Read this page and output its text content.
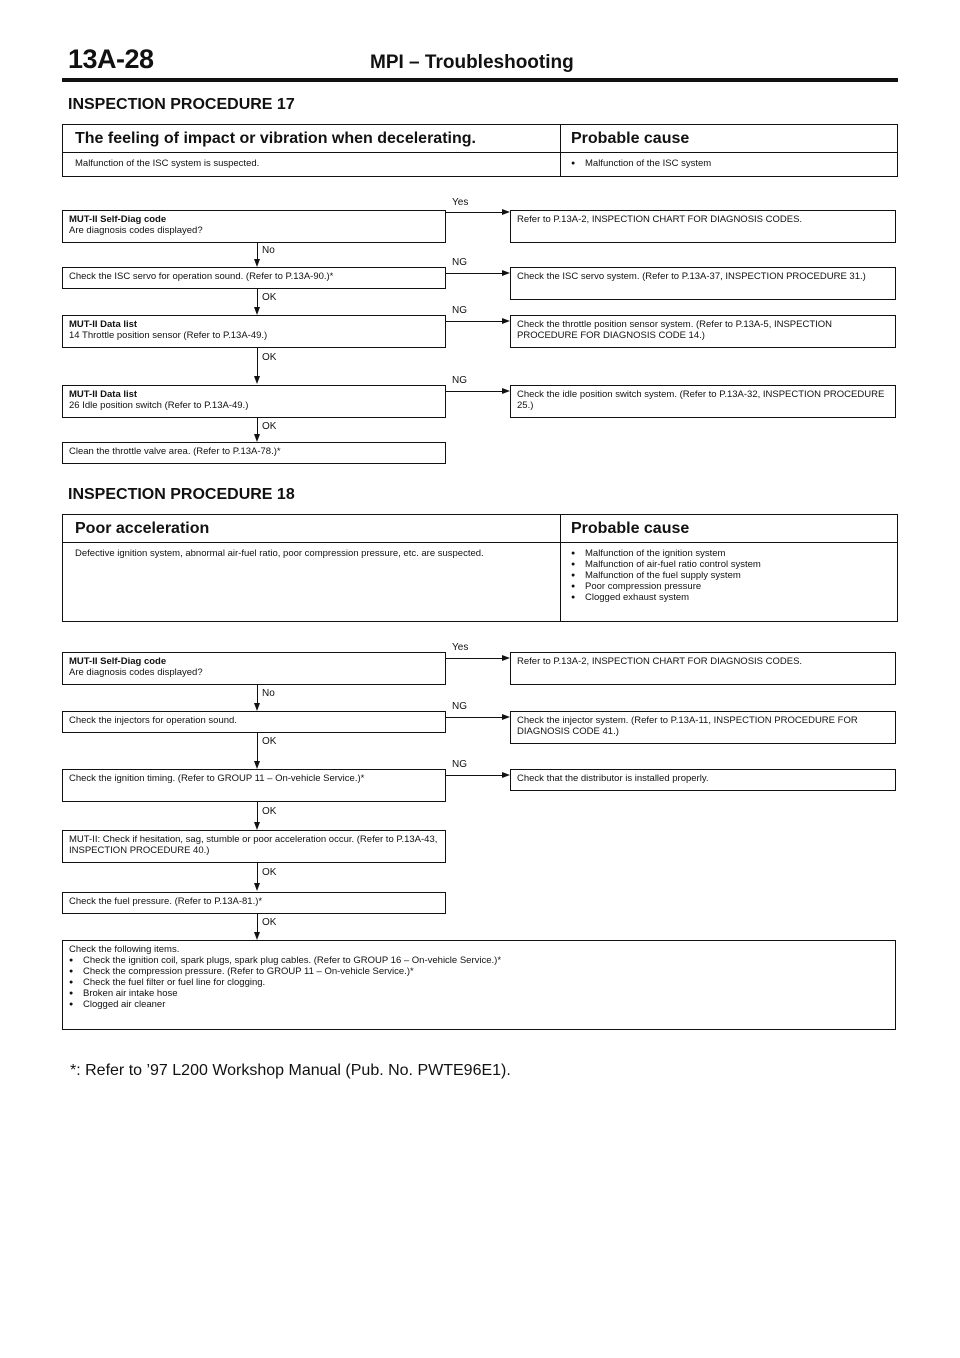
13A-28	MPI – Troubleshooting
INSPECTION PROCEDURE 17
The feeling of impact or vibration when decelerating.	Probable cause
Malfunction of the ISC system is suspected.	● Malfunction of the ISC system
MUT-II Self-Diag code
Are diagnosis codes displayed?
Yes
Refer to P.13A-2, INSPECTION CHART FOR DIAGNOSIS CODES.
No
Check the ISC servo for operation sound. (Refer to P.13A-90.)*
NG
Check the ISC servo system. (Refer to P.13A-37, INSPECTION PROCEDURE 31.)
OK
MUT-II Data list
14 Throttle position sensor (Refer to P.13A-49.)
NG
Check the throttle position sensor system. (Refer to P.13A-5, INSPECTION PROCEDURE FOR DIAGNOSIS CODE 14.)
OK
MUT-II Data list
26 Idle position switch (Refer to P.13A-49.)
NG
Check the idle position switch system. (Refer to P.13A-32, INSPECTION PROCEDURE 25.)
OK
Clean the throttle valve area. (Refer to P.13A-78.)*
INSPECTION PROCEDURE 18
Poor acceleration	Probable cause
Defective ignition system, abnormal air-fuel ratio, poor compression pressure, etc. are suspected.	● Malfunction of the ignition system
● Malfunction of air-fuel ratio control system
● Malfunction of the fuel supply system
● Poor compression pressure
● Clogged exhaust system
MUT-II Self-Diag code
Are diagnosis codes displayed?
Yes
Refer to P.13A-2, INSPECTION CHART FOR DIAGNOSIS CODES.
No
Check the injectors for operation sound.
NG
Check the injector system. (Refer to P.13A-11, INSPECTION PROCEDURE FOR DIAGNOSIS CODE 41.)
OK
Check the ignition timing. (Refer to GROUP 11 – On-vehicle Service.)*
NG
Check that the distributor is installed properly.
OK
MUT-II: Check if hesitation, sag, stumble or poor acceleration occur. (Refer to P.13A-43, INSPECTION PROCEDURE 40.)
OK
Check the fuel pressure. (Refer to P.13A-81.)*
OK
Check the following items.
● Check the ignition coil, spark plugs, spark plug cables. (Refer to GROUP 16 – On-vehicle Service.)*
● Check the compression pressure. (Refer to GROUP 11 – On-vehicle Service.)*
● Check the fuel filter or fuel line for clogging.
● Broken air intake hose
● Clogged air cleaner
*: Refer to ’97 L200 Workshop Manual (Pub. No. PWTE96E1).
